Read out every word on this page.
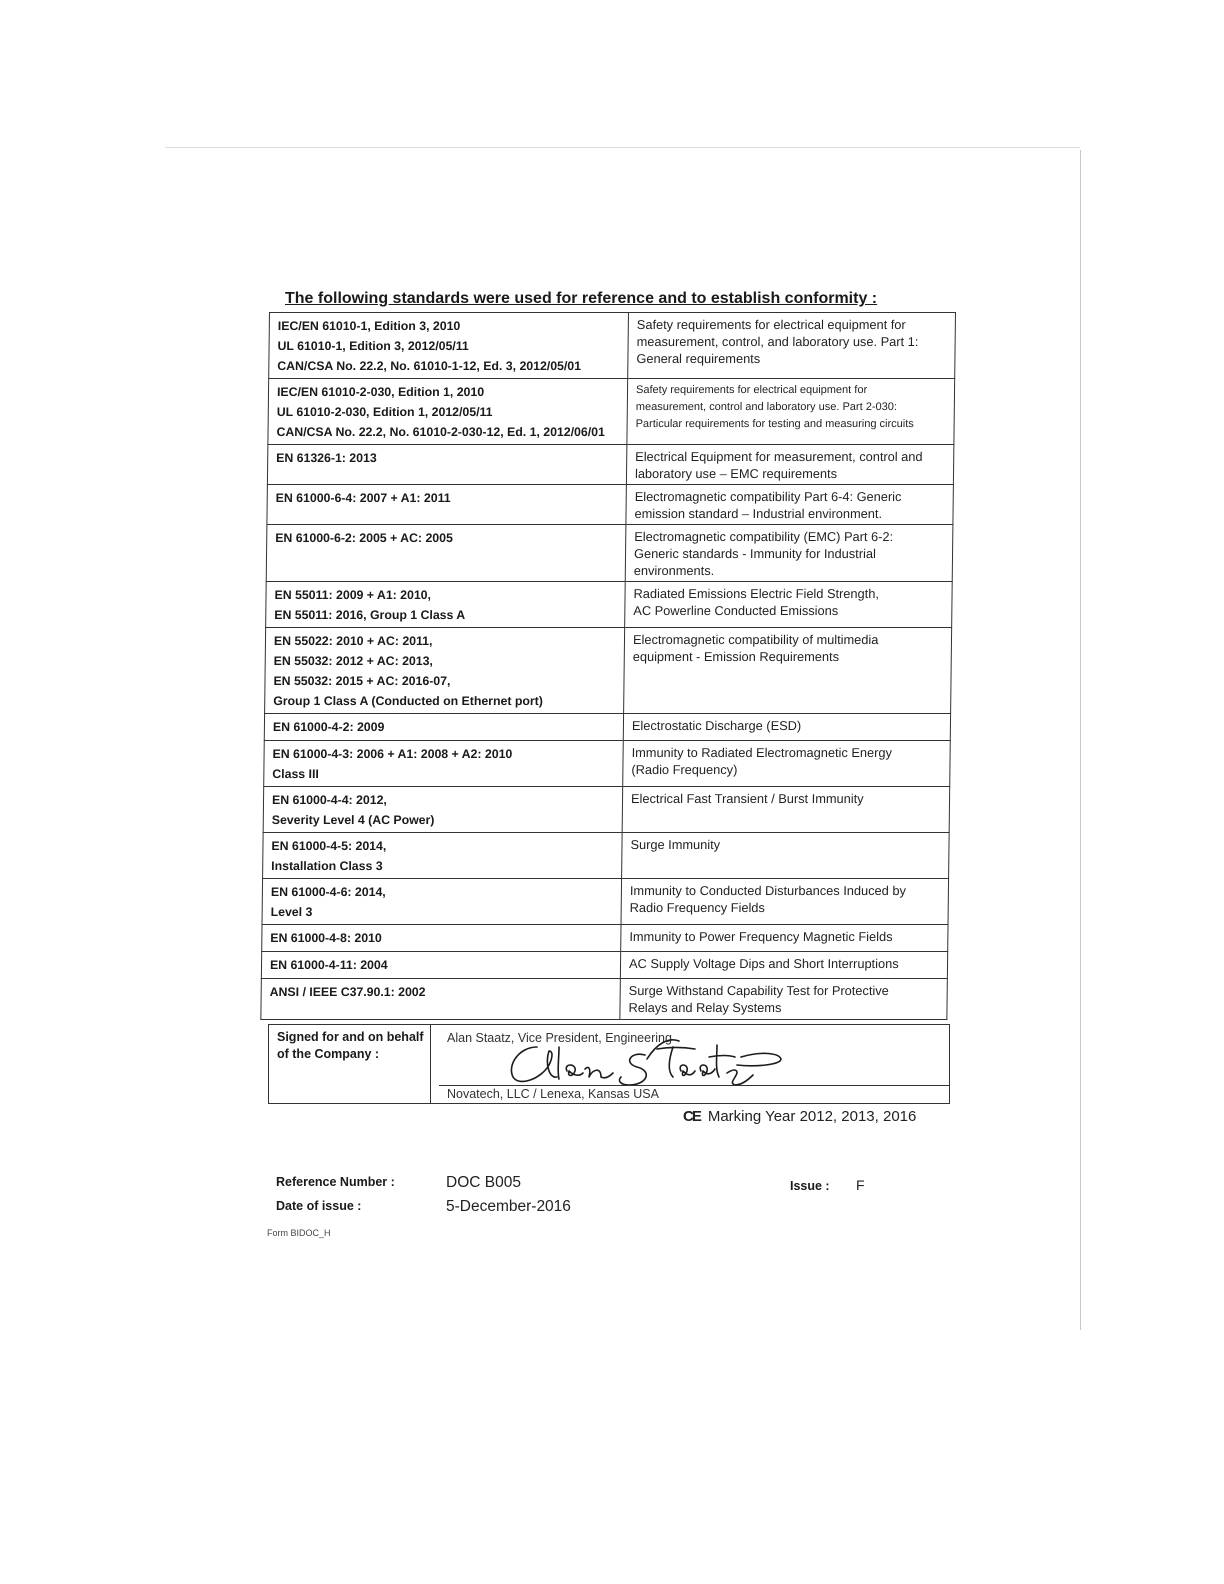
The following standards were used for reference and to establish conformity :
IEC/EN 61010-1, Edition 3, 2010
UL 61010-1, Edition 3, 2012/05/11
CAN/CSA No. 22.2, No. 61010-1-12, Ed. 3, 2012/05/01	Safety requirements for electrical equipment for
measurement, control, and laboratory use. Part 1:
General requirements

IEC/EN 61010-2-030, Edition 1, 2010
UL 61010-2-030, Edition 1, 2012/05/11
CAN/CSA No. 22.2, No. 61010-2-030-12, Ed. 1, 2012/06/01	Safety requirements for electrical equipment for
measurement, control and laboratory use. Part 2-030:
Particular requirements for testing and measuring circuits

EN 61326-1: 2013	Electrical Equipment for measurement, control and
laboratory use – EMC requirements

EN 61000-6-4: 2007 + A1: 2011	Electromagnetic compatibility Part 6-4: Generic
emission standard – Industrial environment.

EN 61000-6-2: 2005 + AC: 2005	Electromagnetic compatibility (EMC) Part 6-2:
Generic standards - Immunity for Industrial
environments.

EN 55011: 2009 + A1: 2010,
EN 55011: 2016, Group 1 Class A	Radiated Emissions Electric Field Strength,
AC Powerline Conducted Emissions

EN 55022: 2010 + AC: 2011,
EN 55032: 2012 + AC: 2013,
EN 55032: 2015 + AC: 2016-07,
Group 1 Class A (Conducted on Ethernet port)	Electromagnetic compatibility of multimedia
equipment - Emission Requirements

EN 61000-4-2: 2009	Electrostatic Discharge (ESD)

EN 61000-4-3: 2006 + A1: 2008 + A2: 2010
Class III	Immunity to Radiated Electromagnetic Energy
(Radio Frequency)

EN 61000-4-4: 2012,
Severity Level 4 (AC Power)	Electrical Fast Transient / Burst Immunity

EN 61000-4-5: 2014,
Installation Class 3	Surge Immunity

EN 61000-4-6: 2014,
Level 3	Immunity to Conducted Disturbances Induced by
Radio Frequency Fields

EN 61000-4-8: 2010	Immunity to Power Frequency Magnetic Fields

EN 61000-4-11: 2004	AC Supply Voltage Dips and Short Interruptions

ANSI / IEEE C37.90.1: 2002	Surge Withstand Capability Test for Protective
Relays and Relay Systems
Signed for and on behalf
of the Company :
Alan Staatz, Vice President, Engineering
Novatech, LLC / Lenexa, Kansas USA
CE Marking Year 2012, 2013, 2016
Reference Number :	DOC B005
Date of issue :	5-December-2016
Issue : F
Form BIDOC_H
